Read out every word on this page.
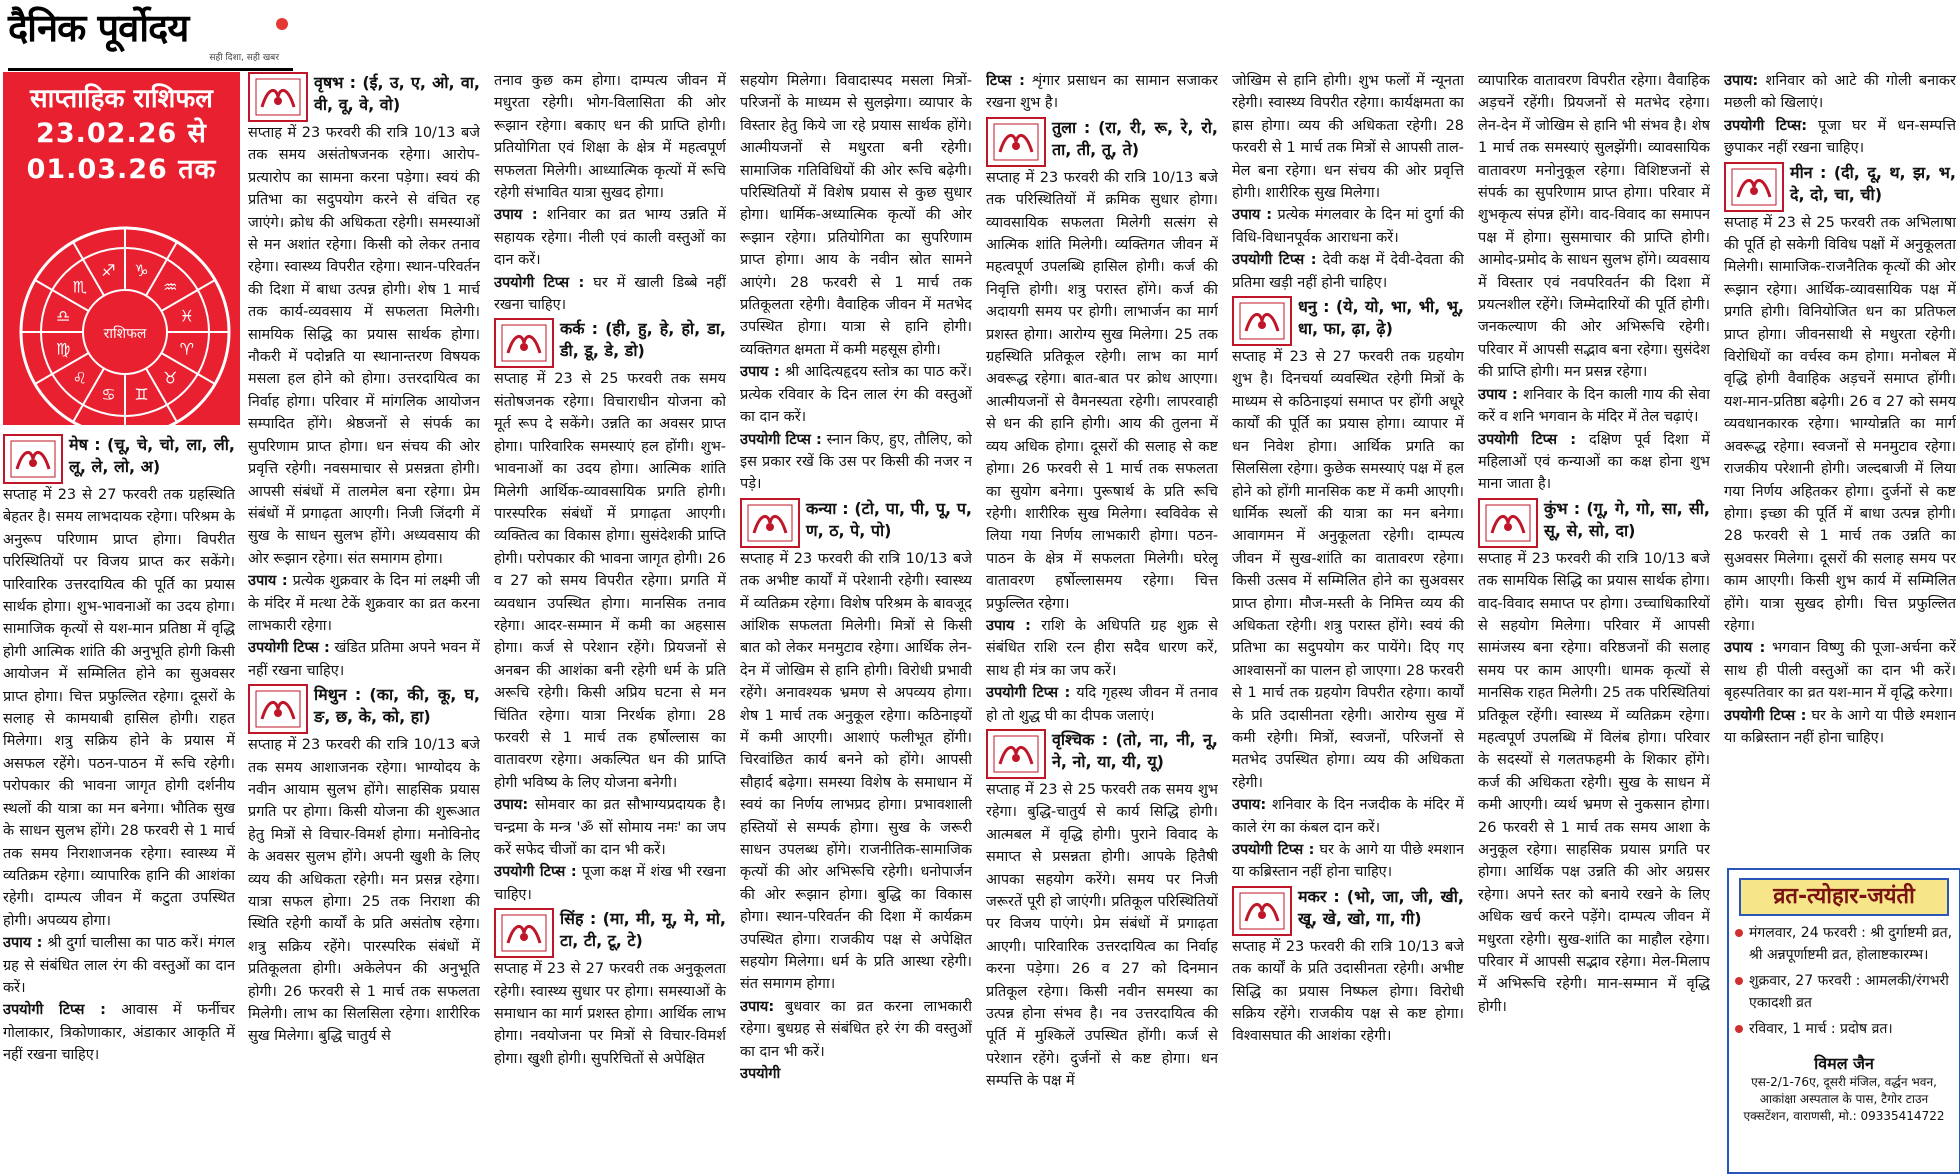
दैनिक पूर्वोदय
सही दिशा, सही खबर
साप्ताहिक राशिफल
23.02.26 से
01.03.26 तक
♈
♉
♊
♋
♌
♍
♎
♏
♐ ♑
♒
♓
राशिफल
मेष : (चू, चे, चो, ला, ली, लू, ले, लो, अ)

सप्ताह में 23 से 27 फरवरी तक ग्रहस्थिति बेहतर है। समय लाभदायक रहेगा। परिश्रम के अनुरूप परिणाम प्राप्त होगा। विपरीत परिस्थितियों पर विजय प्राप्त कर सकेंगे। पारिवारिक उत्तरदायित्व की पूर्ति का प्रयास सार्थक होगा। शुभ-भावनाओं का उदय होगा। सामाजिक कृत्यों से यश-मान प्रतिष्ठा में वृद्धि होगी आत्मिक शांति की अनुभूति होगी किसी आयोजन में सम्मिलित होने का सुअवसर प्राप्त होगा। चित्त प्रफुल्लित रहेगा। दूसरों के सलाह से कामयाबी हासिल होगी। राहत मिलेगा। शत्रु सक्रिय होने के प्रयास में असफल रहेंगे। पठन-पाठन में रूचि रहेगी। परोपकार की भावना जागृत होगी दर्शनीय स्थलों की यात्रा का मन बनेगा। भौतिक सुख के साधन सुलभ होंगे। 28 फरवरी से 1 मार्च तक समय निराशाजनक रहेगा। स्वास्थ्य में व्यतिक्रम रहेगा। व्यापारिक हानि की आशंका रहेगी। दाम्पत्य जीवन में कटुता उपस्थित होगी। अपव्यय होगा।

उपाय : श्री दुर्गा चालीसा का पाठ करें। मंगल ग्रह से संबंधित लाल रंग की वस्तुओं का दान करें।

उपयोगी टिप्स : आवास में फर्नीचर गोलाकार, त्रिकोणाकार, अंडाकार आकृति में नहीं रखना चाहिए।

वृषभ : (ई, उ, ए, ओ, वा, वी, वू, वे, वो)

सप्ताह में 23 फरवरी की रात्रि 10/13 बजे तक समय असंतोषजनक रहेगा। आरोप-प्रत्यारोप का सामना करना पड़ेगा। स्वयं की प्रतिभा का सदुपयोग करने से वंचित रह जाएंगे। क्रोध की अधिकता रहेगी। समस्याओं से मन अशांत रहेगा। किसी को लेकर तनाव रहेगा। स्वास्थ्य विपरीत रहेगा। स्थान-परिवर्तन की दिशा में बाधा उत्पन्न होगी। शेष 1 मार्च तक कार्य-व्यवसाय में सफलता मिलेगी। सामयिक सिद्धि का प्रयास सार्थक होगा। नौकरी में पदोन्नति या स्थानान्तरण विषयक मसला हल होने को होगा। उत्तरदायित्व का निर्वाह होगा। परिवार में मांगलिक आयोजन सम्पादित होंगे। श्रेष्ठजनों से संपर्क का सुपरिणाम प्राप्त होगा। धन संचय की ओर प्रवृत्ति रहेगी। नवसमाचार से प्रसन्नता होगी। आपसी संबंधों में तालमेल बना रहेगा। प्रेम संबंधों में प्रगाढ़ता आएगी। निजी जिंदगी में सुख के साधन सुलभ होंगे। अध्यवसाय की ओर रूझान रहेगा। संत समागम होगा।

उपाय : प्रत्येक शुक्रवार के दिन मां लक्ष्मी जी के मंदिर में मत्था टेकें शुक्रवार का व्रत करना लाभकारी रहेगा।

उपयोगी टिप्स : खंडित प्रतिमा अपने भवन में नहीं रखना चाहिए।

मिथुन : (का, की, कू, घ, ङ, छ, के, को, हा)

सप्ताह में 23 फरवरी की रात्रि 10/13 बजे तक समय आशाजनक रहेगा। भाग्योदय के नवीन आयाम सुलभ होंगे। साहसिक प्रयास प्रगति पर होगा। किसी योजना की शुरूआत हेतु मित्रों से विचार-विमर्श होगा। मनोविनोद के अवसर सुलभ होंगे। अपनी खुशी के लिए व्यय की अधिकता रहेगी। मन प्रसन्न रहेगा। यात्रा सफल होगा। 25 तक निराशा की स्थिति रहेगी कार्यों के प्रति असंतोष रहेगा। शत्रु सक्रिय रहेंगे। पारस्परिक संबंधों में प्रतिकूलता होगी। अकेलेपन की अनुभूति होगी। 26 फरवरी से 1 मार्च तक सफलता मिलेगी। लाभ का सिलसिला रहेगा। शारीरिक सुख मिलेगा। बुद्धि चातुर्य से

तनाव कुछ कम होगा। दाम्पत्य जीवन में मधुरता रहेगी। भोग-विलासिता की ओर रूझान रहेगा। बकाए धन की प्राप्ति होगी। प्रतियोगिता एवं शिक्षा के क्षेत्र में महत्वपूर्ण सफलता मिलेगी। आध्यात्मिक कृत्यों में रूचि रहेगी संभावित यात्रा सुखद होगा।

उपाय : शनिवार का व्रत भाग्य उन्नति में सहायक रहेगा। नीली एवं काली वस्तुओं का दान करें।

उपयोगी टिप्स : घर में खाली डिब्बे नहीं रखना चाहिए।

कर्क : (ही, हु, हे, हो, डा, डी, डू, डे, डो)

सप्ताह में 23 से 25 फरवरी तक समय संतोषजनक रहेगा। विचाराधीन योजना को मूर्त रूप दे सकेंगे। उन्नति का अवसर प्राप्त होगा। पारिवारिक समस्याएं हल होंगी। शुभ-भावनाओं का उदय होगा। आत्मिक शांति मिलेगी आर्थिक-व्यावसायिक प्रगति होगी। पारस्परिक संबंधों में प्रगाढ़ता आएगी। व्यक्तित्व का विकास होगा। सुसंदेशकी प्राप्ति होगी। परोपकार की भावना जागृत होगी। 26 व 27 को समय विपरीत रहेगा। प्रगति में व्यवधान उपस्थित होगा। मानसिक तनाव रहेगा। आदर-सम्मान में कमी का अहसास होगा। कर्ज से परेशान रहेंगे। प्रियजनों से अनबन की आशंका बनी रहेगी धर्म के प्रति अरूचि रहेगी। किसी अप्रिय घटना से मन चिंतित रहेगा। यात्रा निरर्थक होगा। 28 फरवरी से 1 मार्च तक हर्षोल्लास का वातावरण रहेगा। अकल्पित धन की प्राप्ति होगी भविष्य के लिए योजना बनेगी।

उपाय: सोमवार का व्रत सौभाग्यप्रदायक है। चन्द्रमा के मन्त्र 'ॐ सों सोमाय नमः' का जप करें सफेद चीजों का दान भी करें।

उपयोगी टिप्स : पूजा कक्ष में शंख भी रखना चाहिए।

सिंह : (मा, मी, मू, मे, मो, टा, टी, टू, टे)

सप्ताह में 23 से 27 फरवरी तक अनुकूलता रहेगी। स्वास्थ्य सुधार पर होगा। समस्याओं के समाधान का मार्ग प्रशस्त होगा। आर्थिक लाभ होगा। नवयोजना पर मित्रों से विचार-विमर्श होगा। खुशी होगी। सुपरिचितों से अपेक्षित

सहयोग मिलेगा। विवादास्पद मसला मित्रों-परिजनों के माध्यम से सुलझेगा। व्यापार के विस्तार हेतु किये जा रहे प्रयास सार्थक होंगे। आत्मीयजनों से मधुरता बनी रहेगी। सामाजिक गतिविधियों की ओर रूचि बढ़ेगी। परिस्थितियों में विशेष प्रयास से कुछ सुधार होगा। धार्मिक-अध्यात्मिक कृत्यों की ओर रूझान रहेगा। प्रतियोगिता का सुपरिणाम प्राप्त होगा। आय के नवीन स्रोत सामने आएंगे। 28 फरवरी से 1 मार्च तक प्रतिकूलता रहेगी। वैवाहिक जीवन में मतभेद उपस्थित होगा। यात्रा से हानि होगी। व्यक्तिगत क्षमता में कमी महसूस होगी।

उपाय : श्री आदित्यहृदय स्तोत्र का पाठ करें। प्रत्येक रविवार के दिन लाल रंग की वस्तुओं का दान करें।

उपयोगी टिप्स : स्नान किए, हुए, तौलिए, को इस प्रकार रखें कि उस पर किसी की नजर न पड़े।

कन्या : (टो, पा, पी, पू, प, ण, ठ, पे, पो)

सप्ताह में 23 फरवरी की रात्रि 10/13 बजे तक अभीष्ट कार्यों में परेशानी रहेगी। स्वास्थ्य में व्यतिक्रम रहेगा। विशेष परिश्रम के बावजूद आंशिक सफलता मिलेगी। मित्रों से किसी बात को लेकर मनमुटाव रहेगा। आर्थिक लेन-देन में जोखिम से हानि होगी। विरोधी प्रभावी रहेंगे। अनावश्यक भ्रमण से अपव्यय होगा। शेष 1 मार्च तक अनुकूल रहेगा। कठिनाइयों में कमी आएगी। आशाएं फलीभूत होंगी। चिरवांछित कार्य बनने को होंगे। आपसी सौहार्द बढ़ेगा। समस्या विशेष के समाधान में स्वयं का निर्णय लाभप्रद होगा। प्रभावशाली हस्तियों से सम्पर्क होगा। सुख के जरूरी साधन उपलब्ध होंगे। राजनीतिक-सामाजिक कृत्यों की ओर अभिरूचि रहेगी। धनोपार्जन की ओर रूझान होगा। बुद्धि का विकास होगा। स्थान-परिवर्तन की दिशा में कार्यक्रम उपस्थित होगा। राजकीय पक्ष से अपेक्षित सहयोग मिलेगा। धर्म के प्रति आस्था रहेगी। संत समागम होगा।

उपाय: बुधवार का व्रत करना लाभकारी रहेगा। बुधग्रह से संबंधित हरे रंग की वस्तुओं का दान भी करें।

उपयोगी

टिप्स : शृंगार प्रसाधन का सामान सजाकर रखना शुभ है।

तुला : (रा, री, रू, रे, रो, ता, ती, तू, ते)

सप्ताह में 23 फरवरी की रात्रि 10/13 बजे तक परिस्थितियों में क्रमिक सुधार होगा। व्यावसायिक सफलता मिलेगी सत्संग से आत्मिक शांति मिलेगी। व्यक्तिगत जीवन में महत्वपूर्ण उपलब्धि हासिल होगी। कर्ज की निवृत्ति होगी। शत्रु परास्त होंगे। कर्ज की अदायगी समय पर होगी। लाभार्जन का मार्ग प्रशस्त होगा। आरोग्य सुख मिलेगा। 25 तक ग्रहस्थिति प्रतिकूल रहेगी। लाभ का मार्ग अवरूद्ध रहेगा। बात-बात पर क्रोध आएगा। आत्मीयजनों से वैमनस्यता रहेगी। लापरवाही से धन की हानि होगी। आय की तुलना में व्यय अधिक होगा। दूसरों की सलाह से कष्ट होगा। 26 फरवरी से 1 मार्च तक सफलता का सुयोग बनेगा। पुरूषार्थ के प्रति रूचि रहेगी। शारीरिक सुख मिलेगा। स्वविवेक से लिया गया निर्णय लाभकारी होगा। पठन-पाठन के क्षेत्र में सफलता मिलेगी। घरेलू वातावरण हर्षोल्लासमय रहेगा। चित्त प्रफुल्लित रहेगा।

उपाय : राशि के अधिपति ग्रह शुक्र से संबंधित राशि रत्न हीरा सदैव धारण करें, साथ ही मंत्र का जप करें।

उपयोगी टिप्स : यदि गृहस्थ जीवन में तनाव हो तो शुद्ध घी का दीपक जलाएं।

वृश्चिक : (तो, ना, नी, नू, ने, नो, या, यी, यू)

सप्ताह में 23 से 25 फरवरी तक समय शुभ रहेगा। बुद्धि-चातुर्य से कार्य सिद्धि होगी। आत्मबल में वृद्धि होगी। पुराने विवाद के समाप्त से प्रसन्नता होगी। आपके हितैषी आपका सहयोग करेंगे। समय पर निजी जरूरतें पूरी हो जाएंगी। प्रतिकूल परिस्थितियों पर विजय पाएंगे। प्रेम संबंधों में प्रगाढ़ता आएगी। पारिवारिक उत्तरदायित्व का निर्वाह करना पड़ेगा। 26 व 27 को दिनमान प्रतिकूल रहेगा। किसी नवीन समस्या का उत्पन्न होना संभव है। नव उत्तरदायित्व की पूर्ति में मुश्किलें उपस्थित होंगी। कर्ज से परेशान रहेंगे। दुर्जनों से कष्ट होगा। धन सम्पत्ति के पक्ष में

जोखिम से हानि होगी। शुभ फलों में न्यूनता रहेगी। स्वास्थ्य विपरीत रहेगा। कार्यक्षमता का ह्रास होगा। व्यय की अधिकता रहेगी। 28 फरवरी से 1 मार्च तक मित्रों से आपसी ताल-मेल बना रहेगा। धन संचय की ओर प्रवृत्ति होगी। शारीरिक सुख मिलेगा।

उपाय : प्रत्येक मंगलवार के दिन मां दुर्गा की विधि-विधानपूर्वक आराधना करें।

उपयोगी टिप्स : देवी कक्ष में देवी-देवता की प्रतिमा खड़ी नहीं होनी चाहिए।

धनु : (ये, यो, भा, भी, भू, धा, फा, ढ़ा, ढ़े)

सप्ताह में 23 से 27 फरवरी तक ग्रहयोग शुभ है। दिनचर्या व्यवस्थित रहेगी मित्रों के माध्यम से कठिनाइयां समाप्त पर होंगी अधूरे कार्यों की पूर्ति का प्रयास होगा। व्यापार में धन निवेश होगा। आर्थिक प्रगति का सिलसिला रहेगा। कुछेक समस्याएं पक्ष में हल होने को होंगी मानसिक कष्ट में कमी आएगी। धार्मिक स्थलों की यात्रा का मन बनेगा। आवागमन में अनुकूलता रहेगी। दाम्पत्य जीवन में सुख-शांति का वातावरण रहेगा। किसी उत्सव में सम्मिलित होने का सुअवसर प्राप्त होगा। मौज-मस्ती के निमित्त व्यय की अधिकता रहेगी। शत्रु परास्त होंगे। स्वयं की प्रतिभा का सदुपयोग कर पायेंगे। दिए गए आश्वासनों का पालन हो जाएगा। 28 फरवरी से 1 मार्च तक ग्रहयोग विपरीत रहेगा। कार्यों के प्रति उदासीनता रहेगी। आरोग्य सुख में कमी रहेगी। मित्रों, स्वजनों, परिजनों से मतभेद उपस्थित होगा। व्यय की अधिकता रहेगी।

उपाय: शनिवार के दिन नजदीक के मंदिर में काले रंग का कंबल दान करें।

उपयोगी टिप्स : घर के आगे या पीछे श्मशान या कब्रिस्तान नहीं होना चाहिए।

मकर : (भो, जा, जी, खी, खू, खे, खो, गा, गी)

सप्ताह में 23 फरवरी की रात्रि 10/13 बजे तक कार्यों के प्रति उदासीनता रहेगी। अभीष्ट सिद्धि का प्रयास निष्फल होगा। विरोधी सक्रिय रहेंगे। राजकीय पक्ष से कष्ट होगा। विश्वासघात की आशंका रहेगी।

व्यापारिक वातावरण विपरीत रहेगा। वैवाहिक अड़चनें रहेंगी। प्रियजनों से मतभेद रहेगा। लेन-देन में जोखिम से हानि भी संभव है। शेष 1 मार्च तक समस्याएं सुलझेंगी। व्यावसायिक वातावरण मनोनुकूल रहेगा। विशिष्टजनों से संपर्क का सुपरिणाम प्राप्त होगा। परिवार में शुभकृत्य संपन्न होंगे। वाद-विवाद का समापन पक्ष में होगा। सुसमाचार की प्राप्ति होगी। आमोद-प्रमोद के साधन सुलभ होंगे। व्यवसाय में विस्तार एवं नवपरिवर्तन की दिशा में प्रयत्नशील रहेंगे। जिम्मेदारियों की पूर्ति होगी। जनकल्याण की ओर अभिरूचि रहेगी। परिवार में आपसी सद्भाव बना रहेगा। सुसंदेश की प्राप्ति होगी। मन प्रसन्न रहेगा।

उपाय : शनिवार के दिन काली गाय की सेवा करें व शनि भगवान के मंदिर में तेल चढ़ाएं।

उपयोगी टिप्स : दक्षिण पूर्व दिशा में महिलाओं एवं कन्याओं का कक्ष होना शुभ माना जाता है।

कुंभ : (गू, गे, गो, सा, सी, सू, से, सो, दा)

सप्ताह में 23 फरवरी की रात्रि 10/13 बजे तक सामयिक सिद्धि का प्रयास सार्थक होगा। वाद-विवाद समाप्त पर होगा। उच्चाधिकारियों से सहयोग मिलेगा। परिवार में आपसी सामंजस्य बना रहेगा। वरिष्ठजनों की सलाह समय पर काम आएगी। धामक कृत्यों से मानसिक राहत मिलेगी। 25 तक परिस्थितियां प्रतिकूल रहेंगी। स्वास्थ्य में व्यतिक्रम रहेगा। महत्वपूर्ण उपलब्धि में विलंब होगा। परिवार के सदस्यों से गलतफहमी के शिकार होंगे। कर्ज की अधिकता रहेगी। सुख के साधन में कमी आएगी। व्यर्थ भ्रमण से नुकसान होगा। 26 फरवरी से 1 मार्च तक समय आशा के अनुकूल रहेगा। साहसिक प्रयास प्रगति पर होगा। आर्थिक पक्ष उन्नति की ओर अग्रसर रहेगा। अपने स्तर को बनाये रखने के लिए अधिक खर्च करने पड़ेंगे। दाम्पत्य जीवन में मधुरता रहेगी। सुख-शांति का माहौल रहेगा। परिवार में आपसी सद्भाव रहेगा। मेल-मिलाप में अभिरूचि रहेगी। मान-सम्मान में वृद्धि होगी।

उपाय: शनिवार को आटे की गोली बनाकर मछली को खिलाएं।

उपयोगी टिप्स: पूजा घर में धन-सम्पत्ति छुपाकर नहीं रखना चाहिए।

मीन : (दी, दू, थ, झ, भ, दे, दो, चा, ची)

सप्ताह में 23 से 25 फरवरी तक अभिलाषा की पूर्ति हो सकेगी विविध पक्षों में अनुकूलता मिलेगी। सामाजिक-राजनैतिक कृत्यों की ओर रूझान रहेगा। आर्थिक-व्यावसायिक पक्ष में प्रगति होगी। विनियोजित धन का प्रतिफल प्राप्त होगा। जीवनसाथी से मधुरता रहेगी। विरोधियों का वर्चस्व कम होगा। मनोबल में वृद्धि होगी वैवाहिक अड़चनें समाप्त होंगी। यश-मान-प्रतिष्ठा बढ़ेगी। 26 व 27 को समय व्यवधानकारक रहेगा। भाग्योन्नति का मार्ग अवरूद्ध रहेगा। स्वजनों से मनमुटाव रहेगा। राजकीय परेशानी होगी। जल्दबाजी में लिया गया निर्णय अहितकर होगा। दुर्जनों से कष्ट होगा। इच्छा की पूर्ति में बाधा उत्पन्न होगी। 28 फरवरी से 1 मार्च तक उन्नति का सुअवसर मिलेगा। दूसरों की सलाह समय पर काम आएगी। किसी शुभ कार्य में सम्मिलित होंगे। यात्रा सुखद होगी। चित्त प्रफुल्लित रहेगा।

उपाय : भगवान विष्णु की पूजा-अर्चना करें साथ ही पीली वस्तुओं का दान भी करें। बृहस्पतिवार का व्रत यश-मान में वृद्धि करेगा।

उपयोगी टिप्स : घर के आगे या पीछे श्मशान या कब्रिस्तान नहीं होना चाहिए।

व्रत-त्योहार-जयंती
मंगलवार, 24 फरवरी : श्री दुर्गाष्टमी व्रत, श्री अन्नपूर्णाष्टमी व्रत, होलाष्टकारम्भ।
शुक्रवार, 27 फरवरी : आमलकी/रंगभरी एकादशी व्रत
रविवार, 1 मार्च : प्रदोष व्रत।
विमल जैन
एस-2/1-76ए, दूसरी मंजिल, वर्द्धन भवन, आकांक्षा अस्पताल के पास, टैगोर टाउन एक्सटेंशन, वाराणसी, मो.: 09335414722
